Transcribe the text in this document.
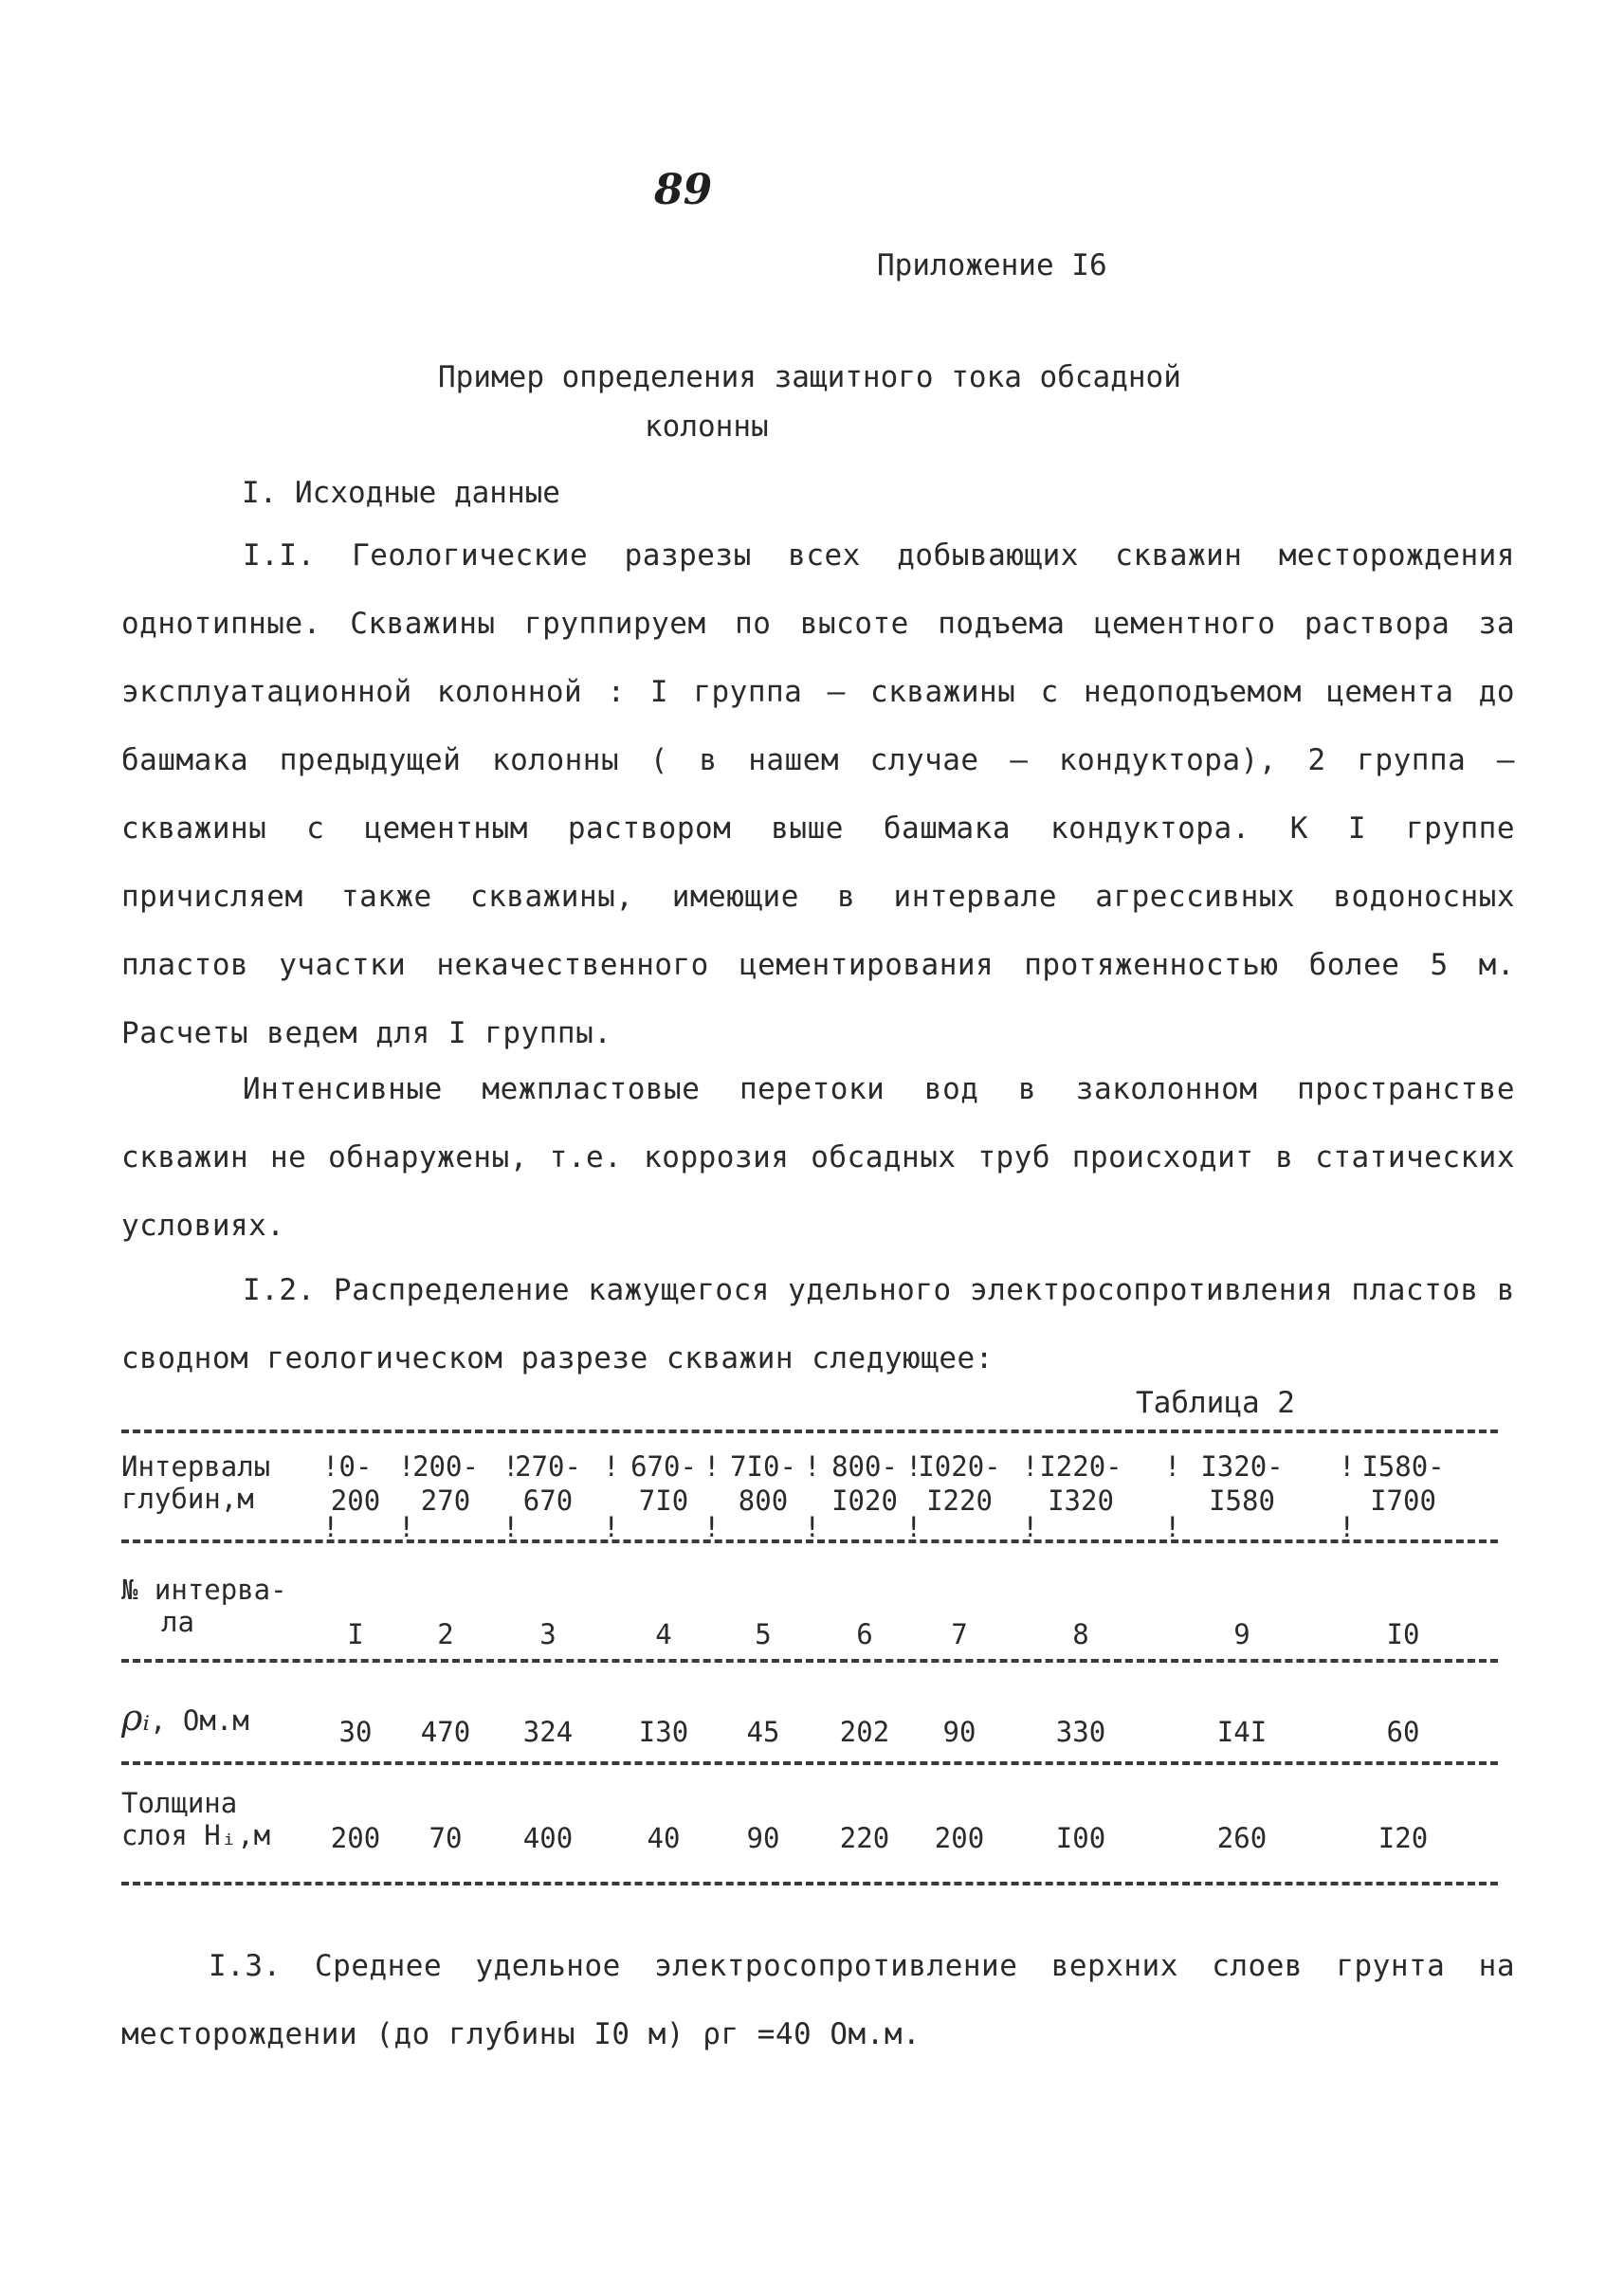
89
Приложение I6
Пример определения защитного тока обсадной
колонны
I. Исходные данные

I.I. Геологические разрезы всех добывающих скважин месторождения однотипные. Скважины группируем по высоте подъема цементного раствора за эксплуатационной колонной : I группа – скважины с недоподъемом цемента до башмака предыдущей колонны ( в нашем случае – кондуктора), 2 группа – скважины с цементным раствором выше башмака кондуктора. К I группе причисляем также скважины, имеющие в интервале агрессивных водоносных пластов участки некачественного цементирования протяженностью более 5 м. Расчеты ведем для I группы.

Интенсивные межпластовые перетоки вод в заколонном пространстве скважин не обнаружены, т.е. коррозия обсадных труб происходит в статических условиях.

I.2. Распределение кажущегося удельного электросопротивления пластов в сводном геологическом разрезе скважин следующее:

Таблица 2
Интервалы
глубин,м
№ интерва-
ла
ρᵢ, Ом.м
Толщина
слоя Hᵢ,м
0-
200
I
30
200
!
!
200-
270
2
470
70
!
!
270-
670
3
324
400
!
!
670-
7I0
4
I30
40
!
!
7I0-
800
5
45
90
!
!
800-
I020
6
202
220
!
!
I020-
I220
7
90
200
!
!
I220-
I320
8
330
I00
!
!
I320-
I580
9
I4I
260
!
!
I580-
I700
I0
60
I20
!
!

I.3. Среднее удельное электросопротивление верхних слоев грунта на месторождении (до глубины I0 м) ρг =40 Ом.м.
